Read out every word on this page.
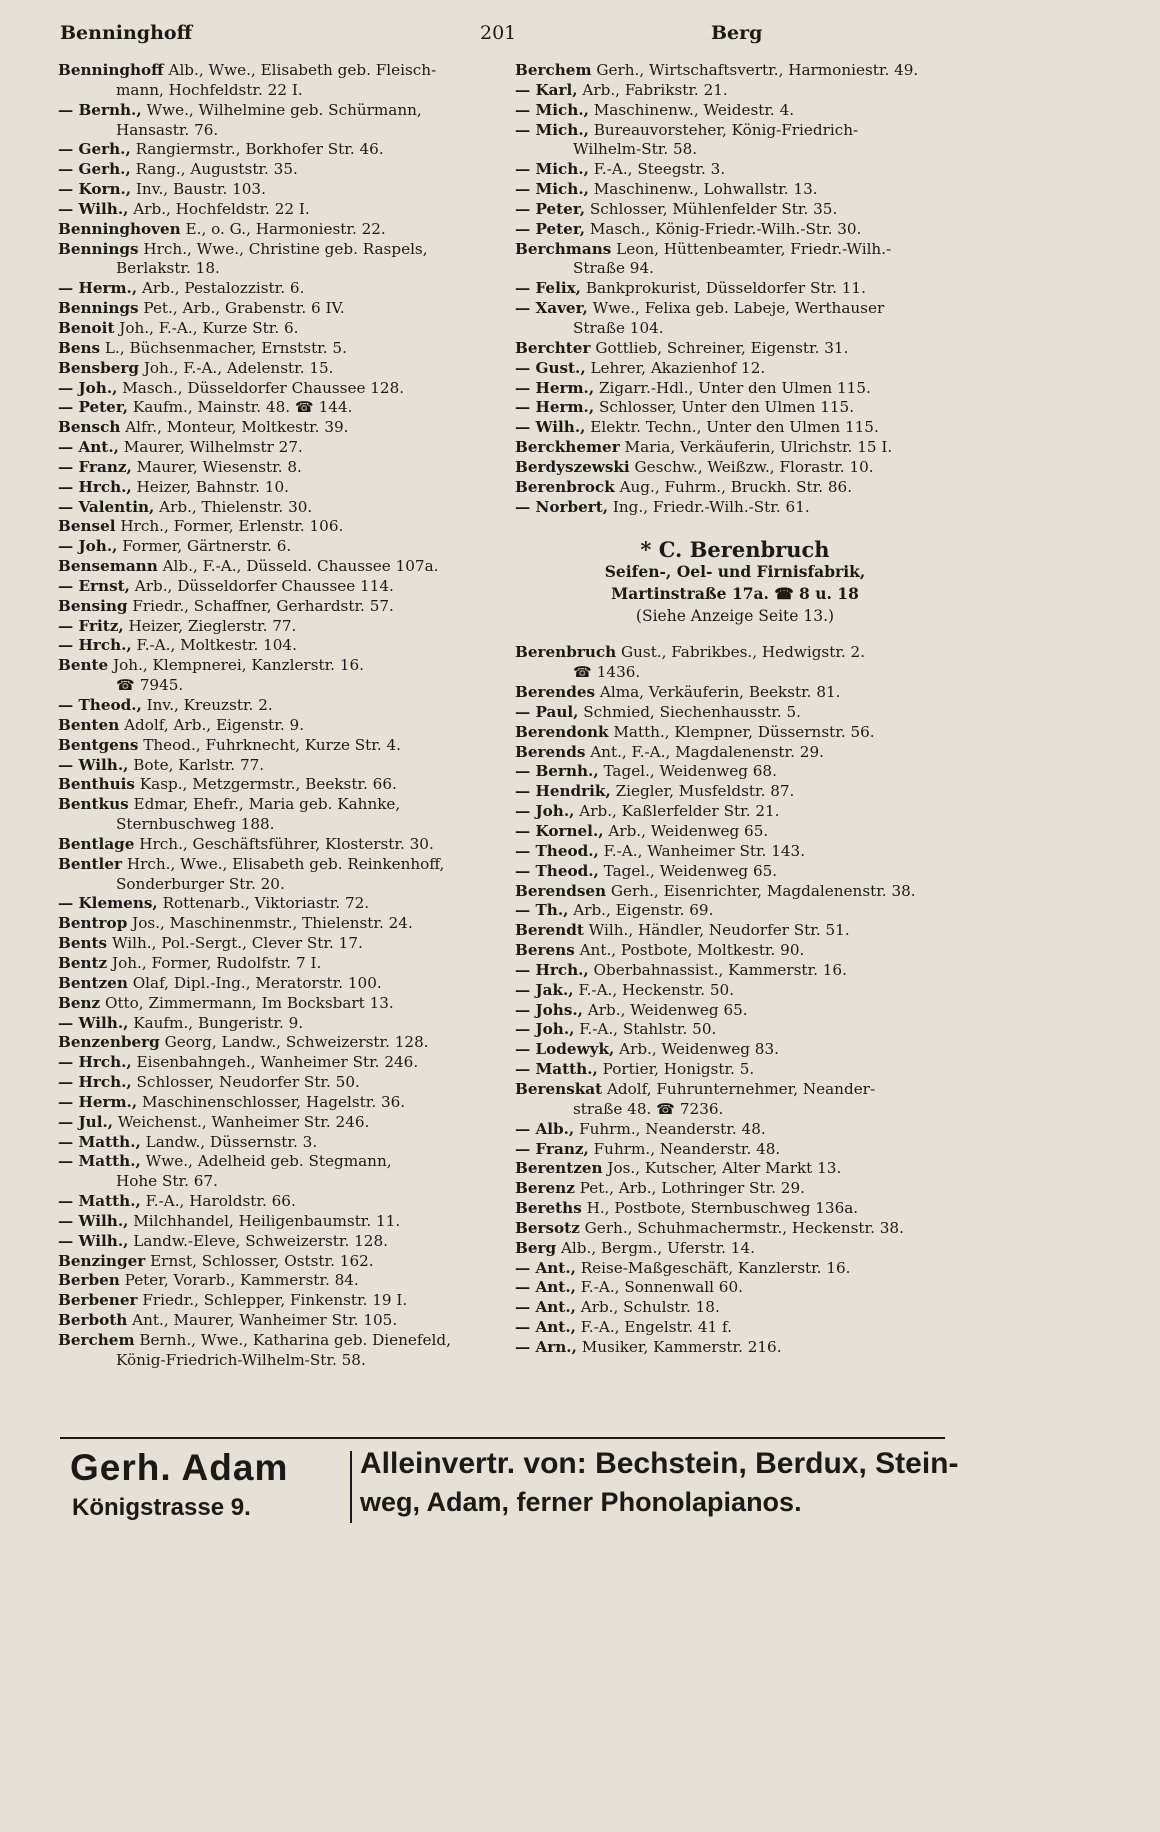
Benninghoff	201	Berg
Benninghoff Alb., Wwe., Elisabeth geb. Fleisch-
mann, Hochfeldstr. 22 I.
— Bernh., Wwe., Wilhelmine geb. Schürmann,
Hansastr. 76.
— Gerh., Rangiermstr., Borkhofer Str. 46.
— Gerh., Rang., Auguststr. 35.
— Korn., Inv., Baustr. 103.
— Wilh., Arb., Hochfeldstr. 22 I.
Benninghoven E., o. G., Harmoniestr. 22.
Bennings Hrch., Wwe., Christine geb. Raspels,
Berlakstr. 18.
— Herm., Arb., Pestalozzistr. 6.
Bennings Pet., Arb., Grabenstr. 6 IV.
Benoit Joh., F.-A., Kurze Str. 6.
Bens L., Büchsenmacher, Ernststr. 5.
Bensberg Joh., F.-A., Adelenstr. 15.
— Joh., Masch., Düsseldorfer Chaussee 128.
— Peter, Kaufm., Mainstr. 48. ☎ 144.
Bensch Alfr., Monteur, Moltkestr. 39.
— Ant., Maurer, Wilhelmstr 27.
— Franz, Maurer, Wiesenstr. 8.
— Hrch., Heizer, Bahnstr. 10.
— Valentin, Arb., Thielenstr. 30.
Bensel Hrch., Former, Erlenstr. 106.
— Joh., Former, Gärtnerstr. 6.
Bensemann Alb., F.-A., Düsseld. Chaussee 107a.
— Ernst, Arb., Düsseldorfer Chaussee 114.
Bensing Friedr., Schaffner, Gerhardstr. 57.
— Fritz, Heizer, Zieglerstr. 77.
— Hrch., F.-A., Moltkestr. 104.
Bente Joh., Klempnerei, Kanzlerstr. 16.
☎ 7945.
— Theod., Inv., Kreuzstr. 2.
Benten Adolf, Arb., Eigenstr. 9.
Bentgens Theod., Fuhrknecht, Kurze Str. 4.
— Wilh., Bote, Karlstr. 77.
Benthuis Kasp., Metzgermstr., Beekstr. 66.
Bentkus Edmar, Ehefr., Maria geb. Kahnke,
Sternbuschweg 188.
Bentlage Hrch., Geschäftsführer, Klosterstr. 30.
Bentler Hrch., Wwe., Elisabeth geb. Reinkenhoff,
Sonderburger Str. 20.
— Klemens, Rottenarb., Viktoriastr. 72.
Bentrop Jos., Maschinenmstr., Thielenstr. 24.
Bents Wilh., Pol.-Sergt., Clever Str. 17.
Bentz Joh., Former, Rudolfstr. 7 I.
Bentzen Olaf, Dipl.-Ing., Meratorstr. 100.
Benz Otto, Zimmermann, Im Bocksbart 13.
— Wilh., Kaufm., Bungeristr. 9.
Benzenberg Georg, Landw., Schweizerstr. 128.
— Hrch., Eisenbahngeh., Wanheimer Str. 246.
— Hrch., Schlosser, Neudorfer Str. 50.
— Herm., Maschinenschlosser, Hagelstr. 36.
— Jul., Weichenst., Wanheimer Str. 246.
— Matth., Landw., Düssernstr. 3.
— Matth., Wwe., Adelheid geb. Stegmann,
Hohe Str. 67.
— Matth., F.-A., Haroldstr. 66.
— Wilh., Milchhandel, Heiligenbaumstr. 11.
— Wilh., Landw.-Eleve, Schweizerstr. 128.
Benzinger Ernst, Schlosser, Oststr. 162.
Berben Peter, Vorarb., Kammerstr. 84.
Berbener Friedr., Schlepper, Finkenstr. 19 I.
Berboth Ant., Maurer, Wanheimer Str. 105.
Berchem Bernh., Wwe., Katharina geb. Dienefeld,
König-Friedrich-Wilhelm-Str. 58.
Berchem Gerh., Wirtschaftsvertr., Harmoniestr. 49.
— Karl, Arb., Fabrikstr. 21.
— Mich., Maschinenw., Weidestr. 4.
— Mich., Bureauvorsteher, König-Friedrich-
Wilhelm-Str. 58.
— Mich., F.-A., Steegstr. 3.
— Mich., Maschinenw., Lohwallstr. 13.
— Peter, Schlosser, Mühlenfelder Str. 35.
— Peter, Masch., König-Friedr.-Wilh.-Str. 30.
Berchmans Leon, Hüttenbeamter, Friedr.-Wilh.-
Straße 94.
— Felix, Bankprokurist, Düsseldorfer Str. 11.
— Xaver, Wwe., Felixa geb. Labeje, Werthauser
Straße 104.
Berchter Gottlieb, Schreiner, Eigenstr. 31.
— Gust., Lehrer, Akazienhof 12.
— Herm., Zigarr.-Hdl., Unter den Ulmen 115.
— Herm., Schlosser, Unter den Ulmen 115.
— Wilh., Elektr. Techn., Unter den Ulmen 115.
Berckhemer Maria, Verkäuferin, Ulrichstr. 15 I.
Berdyszewski Geschw., Weißzw., Florastr. 10.
Berenbrock Aug., Fuhrm., Bruckh. Str. 86.
— Norbert, Ing., Friedr.-Wilh.-Str. 61.
* C. Berenbruch
Seifen-, Oel- und Firnisfabrik,
Martinstraße 17a. ☎ 8 u. 18
(Siehe Anzeige Seite 13.)
Berenbruch Gust., Fabrikbes., Hedwigstr. 2.
☎ 1436.
Berendes Alma, Verkäuferin, Beekstr. 81.
— Paul, Schmied, Siechenhausstr. 5.
Berendonk Matth., Klempner, Düssernstr. 56.
Berends Ant., F.-A., Magdalenenstr. 29.
— Bernh., Tagel., Weidenweg 68.
— Hendrik, Ziegler, Musfeldstr. 87.
— Joh., Arb., Kaßlerfelder Str. 21.
— Kornel., Arb., Weidenweg 65.
— Theod., F.-A., Wanheimer Str. 143.
— Theod., Tagel., Weidenweg 65.
Berendsen Gerh., Eisenrichter, Magdalenenstr. 38.
— Th., Arb., Eigenstr. 69.
Berendt Wilh., Händler, Neudorfer Str. 51.
Berens Ant., Postbote, Moltkestr. 90.
— Hrch., Oberbahnassist., Kammerstr. 16.
— Jak., F.-A., Heckenstr. 50.
— Johs., Arb., Weidenweg 65.
— Joh., F.-A., Stahlstr. 50.
— Lodewyk, Arb., Weidenweg 83.
— Matth., Portier, Honigstr. 5.
Berenskat Adolf, Fuhrunternehmer, Neander-
straße 48. ☎ 7236.
— Alb., Fuhrm., Neanderstr. 48.
— Franz, Fuhrm., Neanderstr. 48.
Berentzen Jos., Kutscher, Alter Markt 13.
Berenz Pet., Arb., Lothringer Str. 29.
Bereths H., Postbote, Sternbuschweg 136a.
Bersotz Gerh., Schuhmachermstr., Heckenstr. 38.
Berg Alb., Bergm., Uferstr. 14.
— Ant., Reise-Maßgeschäft, Kanzlerstr. 16.
— Ant., F.-A., Sonnenwall 60.
— Ant., Arb., Schulstr. 18.
— Ant., F.-A., Engelstr. 41 f.
— Arn., Musiker, Kammerstr. 216.
Gerh. Adam
Königstrasse 9.
Alleinvertr. von: Bechstein, Berdux, Stein-
weg, Adam, ferner Phonolapianos.
